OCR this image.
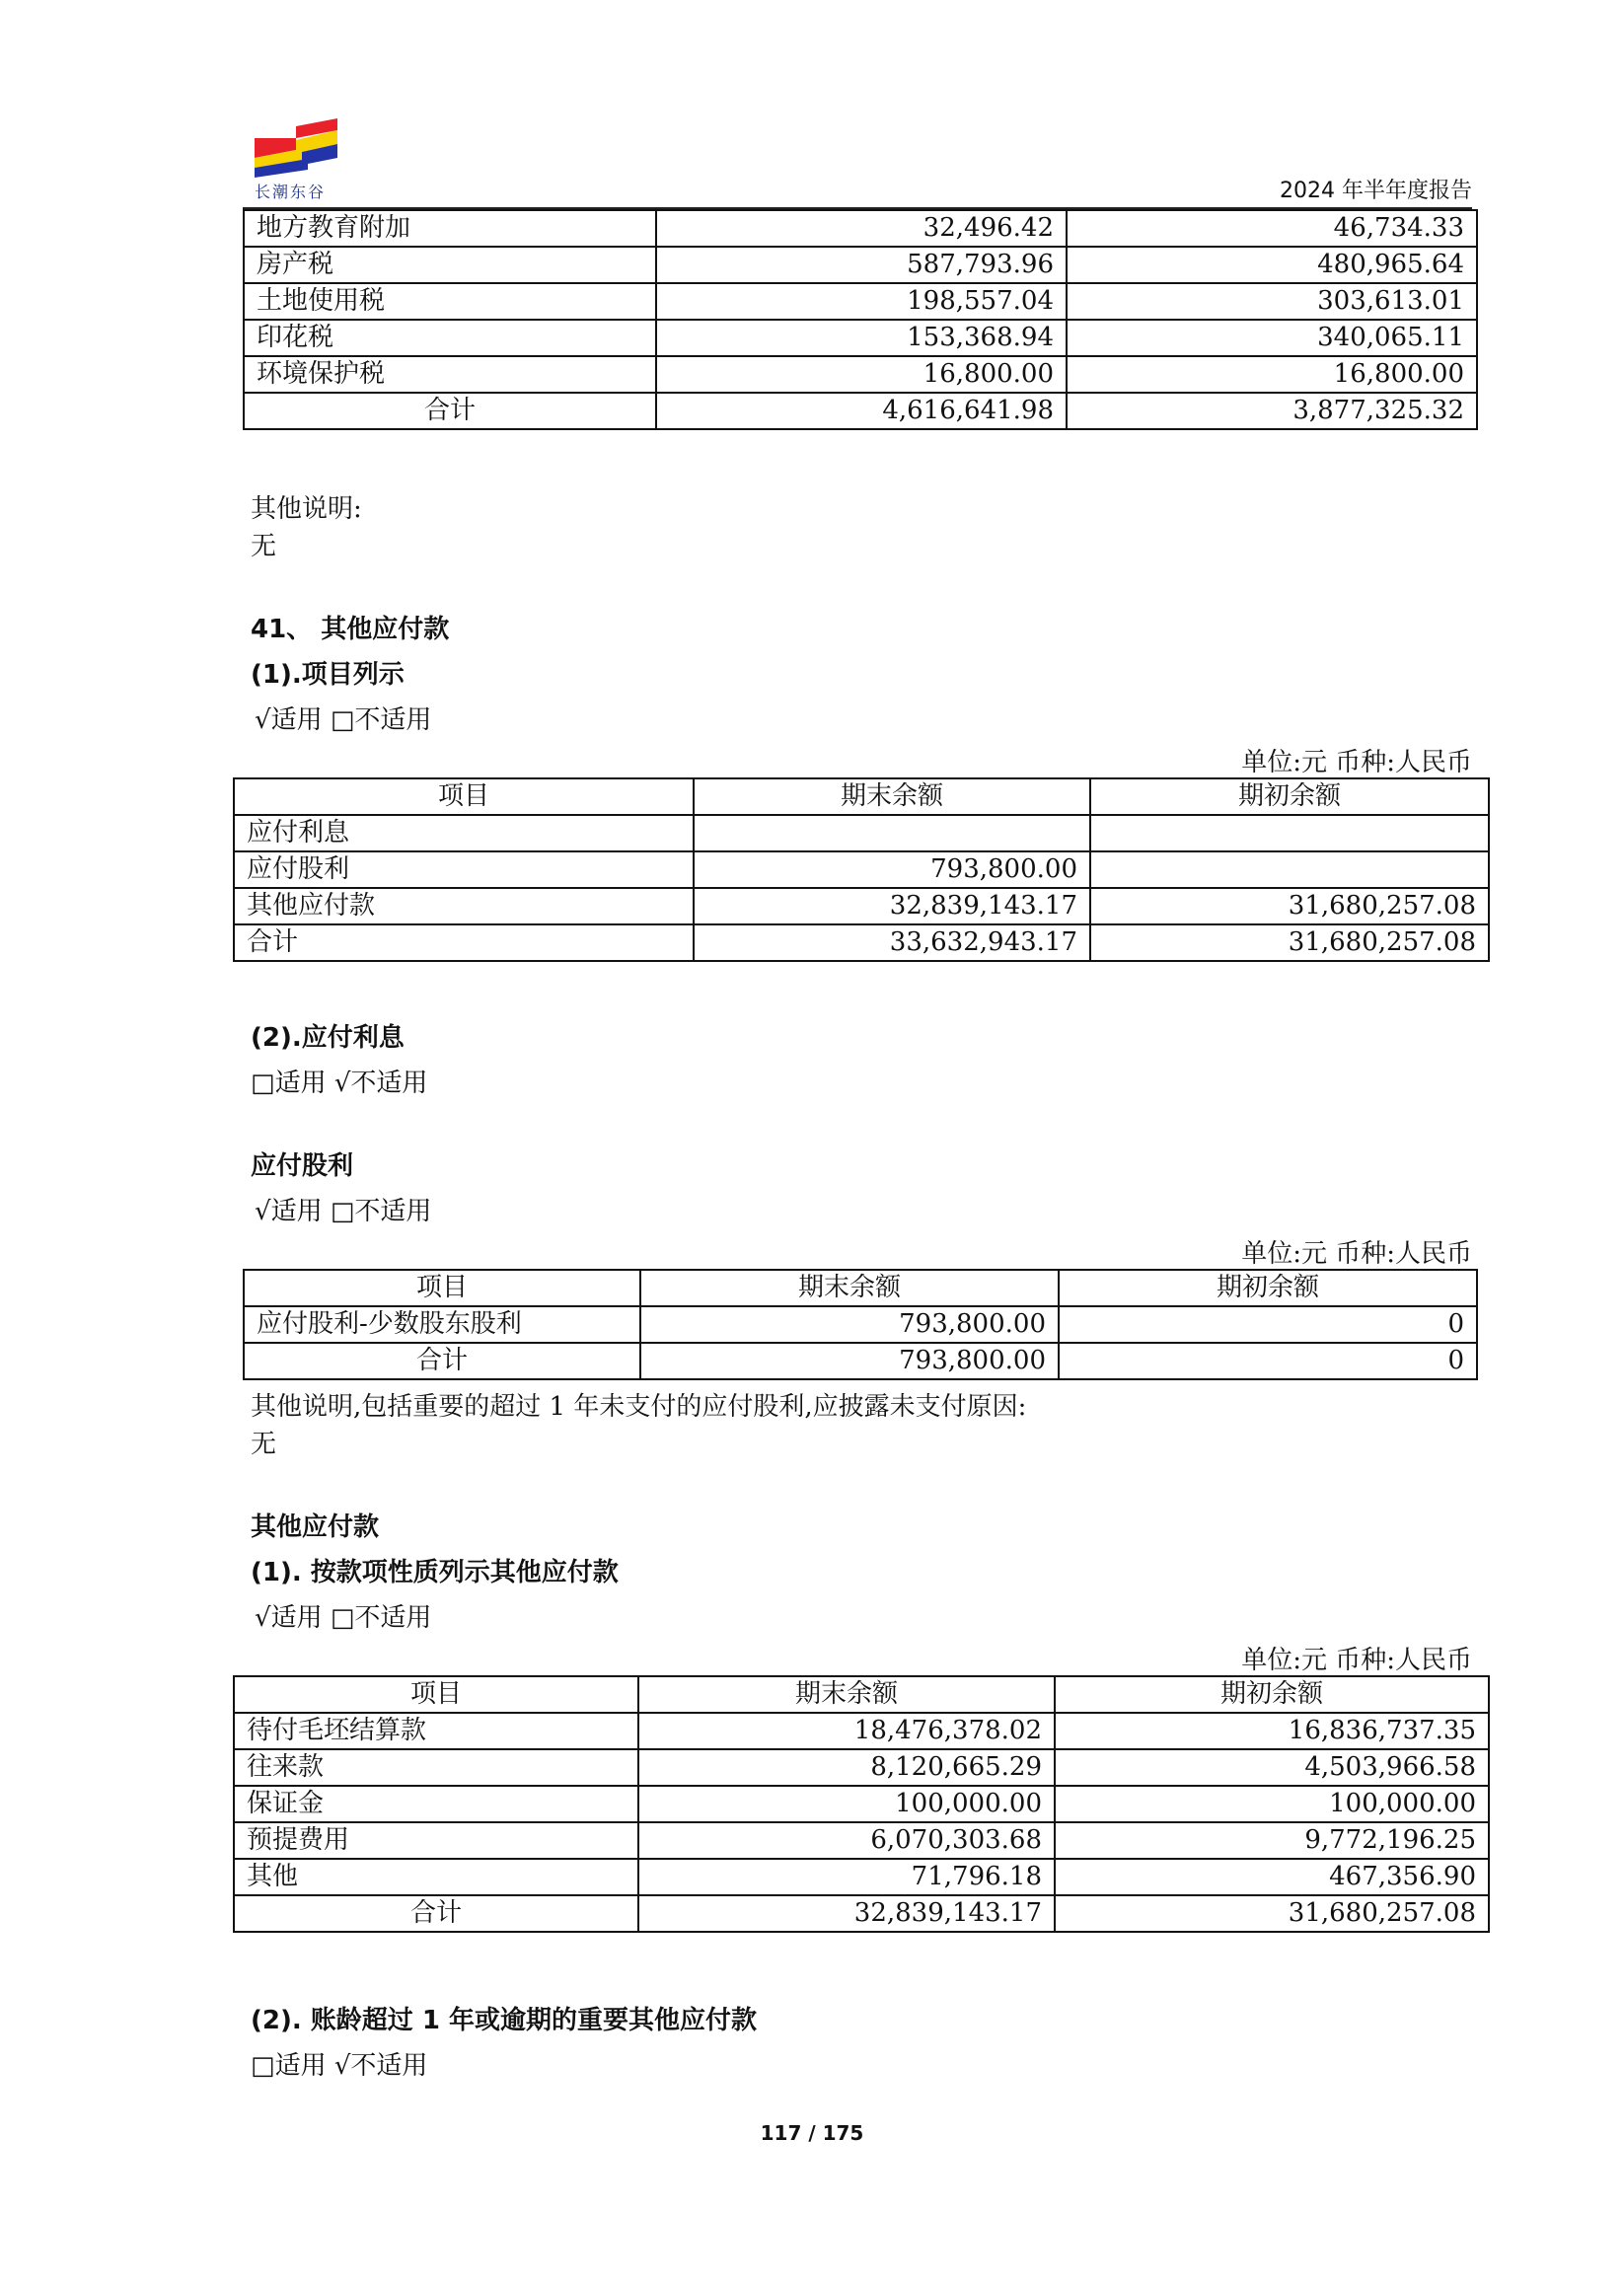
长潮东谷	2024 年半年度报告
地方教育附加	32,496.42	46,734.33
房产税	587,793.96	480,965.64
土地使用税	198,557.04	303,613.01
印花税	153,368.94	340,065.11
环境保护税	16,800.00	16,800.00
合计	4,616,641.98	3,877,325.32
其他说明:
无
41、 其他应付款
(1).项目列示
√适用 □不适用
单位:元 币种:人民币
项目	期末余额	期初余额
应付利息		
应付股利	793,800.00	
其他应付款	32,839,143.17	31,680,257.08
合计	33,632,943.17	31,680,257.08
(2).应付利息
□适用 √不适用
应付股利
√适用 □不适用
单位:元 币种:人民币
项目	期末余额	期初余额
应付股利-少数股东股利	793,800.00	0
合计	793,800.00	0
其他说明,包括重要的超过 1 年未支付的应付股利,应披露未支付原因:
无
其他应付款
(1). 按款项性质列示其他应付款
√适用 □不适用
单位:元 币种:人民币
项目	期末余额	期初余额
待付毛坯结算款	18,476,378.02	16,836,737.35
往来款	8,120,665.29	4,503,966.58
保证金	100,000.00	100,000.00
预提费用	6,070,303.68	9,772,196.25
其他	71,796.18	467,356.90
合计	32,839,143.17	31,680,257.08
(2). 账龄超过 1 年或逾期的重要其他应付款
□适用 √不适用
117 / 175
